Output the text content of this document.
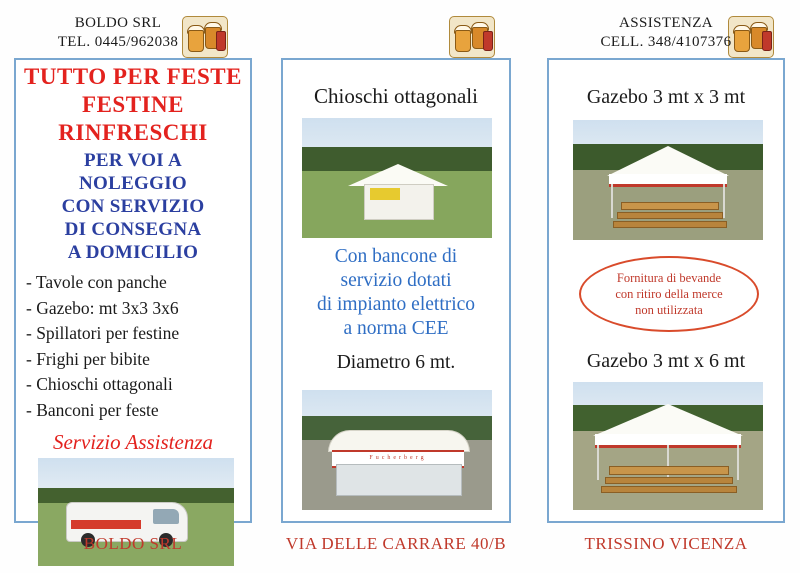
BOLDO SRL
TEL. 0445/962038
ASSISTENZA
CELL. 348/4107376
TUTTO PER FESTE
FESTINE
RINFRESCHI
PER VOI A
NOLEGGIO
CON SERVIZIO
DI CONSEGNA
A DOMICILIO
- Tavole con panche
- Gazebo: mt 3x3 3x6
- Spillatori per festine
- Frighi per bibite
- Chioschi ottagonali
- Banconi per feste
Servizio Assistenza
Chioschi ottagonali
Con bancone di
servizio dotati
di impianto elettrico
a norma CEE
Diametro 6 mt.
Fucherberg
Gazebo 3 mt x 3 mt
Fornitura di bevande
con ritiro della merce
non utilizzata
Gazebo 3 mt x 6 mt
BOLDO SRL	VIA DELLE CARRARE 40/B	TRISSINO VICENZA
